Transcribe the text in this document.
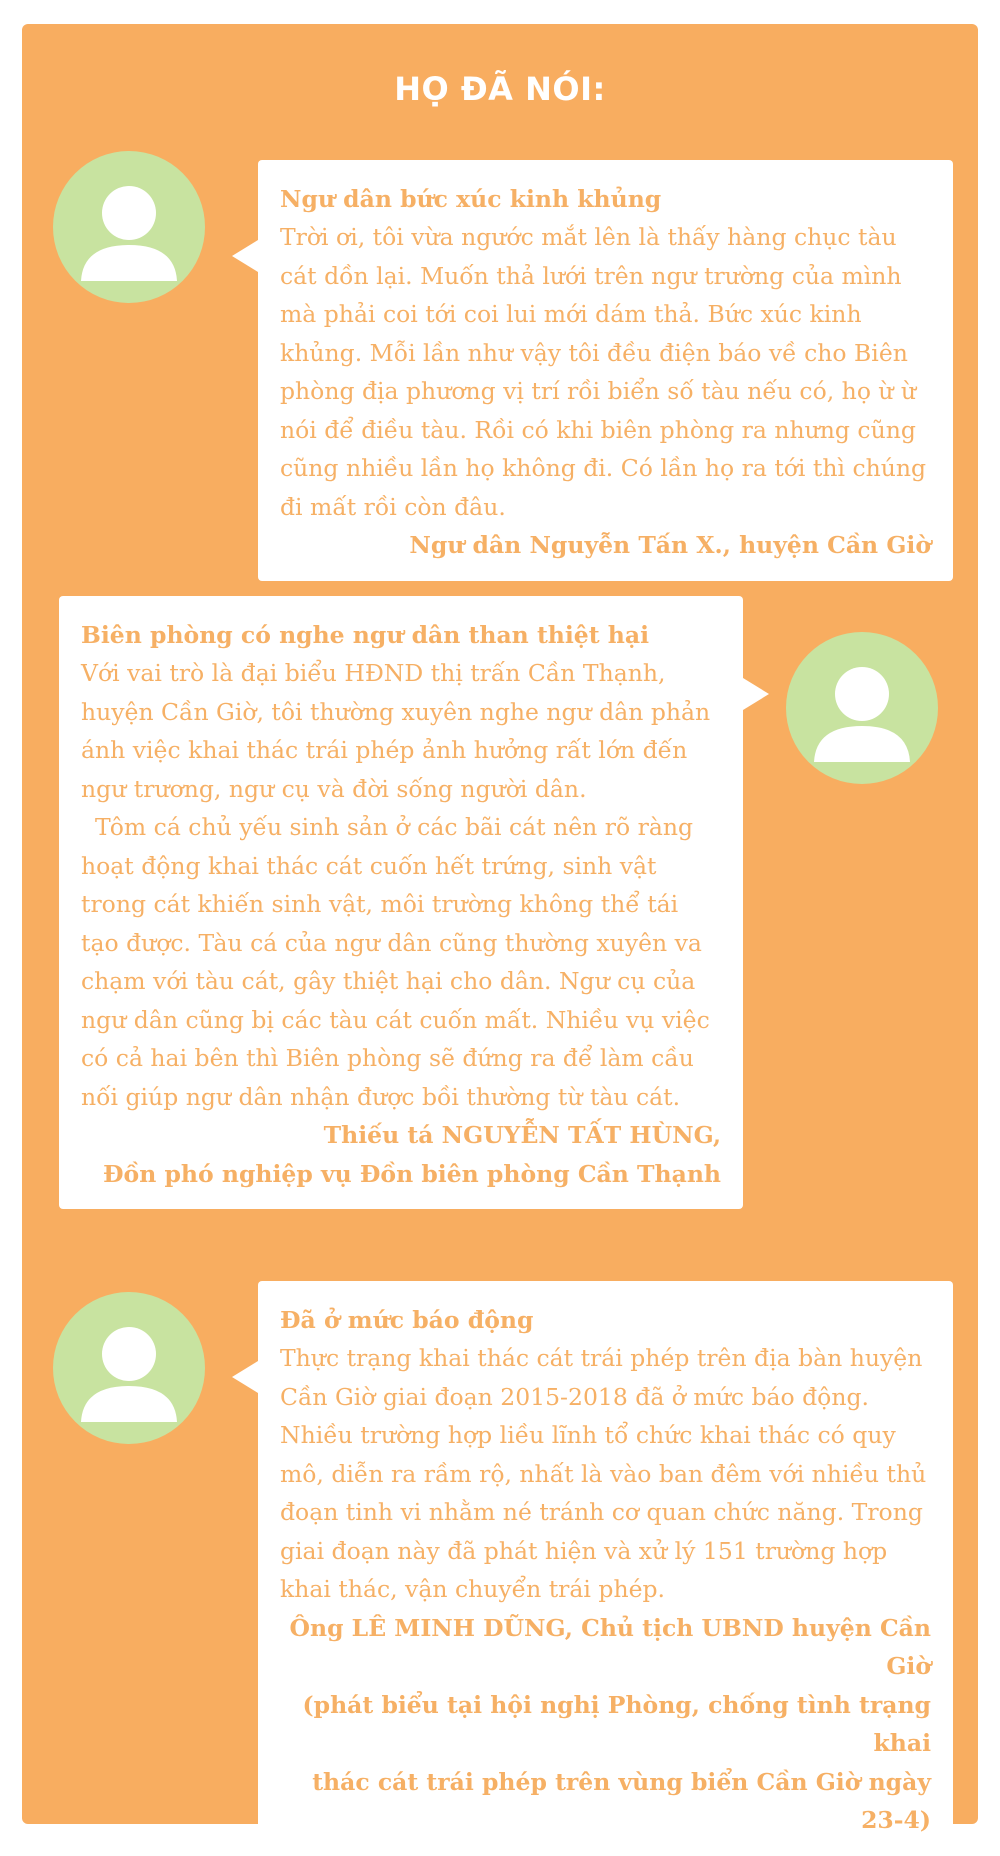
HỌ ĐÃ NÓI:
Ngư dân bức xúc kinh khủng

Trời ơi, tôi vừa ngước mắt lên là thấy hàng chục tàu cát dồn lại. Muốn thả lưới trên ngư trường của mình mà phải coi tới coi lui mới dám thả. Bức xúc kinh khủng. Mỗi lần như vậy tôi đều điện báo về cho Biên phòng địa phương vị trí rồi biển số tàu nếu có, họ ừ ừ nói để điều tàu. Rồi có khi biên phòng ra nhưng cũng cũng nhiều lần họ không đi. Có lần họ ra tới thì chúng đi mất rồi còn đâu.

Ngư dân Nguyễn Tấn X., huyện Cần Giờ
Biên phòng có nghe ngư dân than thiệt hại

Với vai trò là đại biểu HĐND thị trấn Cần Thạnh, huyện Cần Giờ, tôi thường xuyên nghe ngư dân phản ánh việc khai thác trái phép ảnh hưởng rất lớn đến ngư trương, ngư cụ và đời sống người dân.

Tôm cá chủ yếu sinh sản ở các bãi cát nên rõ ràng hoạt động khai thác cát cuốn hết trứng, sinh vật trong cát khiến sinh vật, môi trường không thể tái tạo được. Tàu cá của ngư dân cũng thường xuyên va chạm với tàu cát, gây thiệt hại cho dân. Ngư cụ của ngư dân cũng bị các tàu cát cuốn mất. Nhiều vụ việc có cả hai bên thì Biên phòng sẽ đứng ra để làm cầu nối giúp ngư dân nhận được bồi thường từ tàu cát.

Thiếu tá NGUYỄN TẤT HÙNG,
Đồn phó nghiệp vụ Đồn biên phòng Cần Thạnh
Đã ở mức báo động

Thực trạng khai thác cát trái phép trên địa bàn huyện Cần Giờ giai đoạn 2015-2018 đã ở mức báo động. Nhiều trường hợp liều lĩnh tổ chức khai thác có quy mô, diễn ra rầm rộ, nhất là vào ban đêm với nhiều thủ đoạn tinh vi nhằm né tránh cơ quan chức năng. Trong giai đoạn này đã phát hiện và xử lý 151 trường hợp khai thác, vận chuyển trái phép.

Ông LÊ MINH DŨNG, Chủ tịch UBND huyện Cần Giờ
(phát biểu tại hội nghị Phòng, chống tình trạng khai
thác cát trái phép trên vùng biển Cần Giờ ngày 23-4)
